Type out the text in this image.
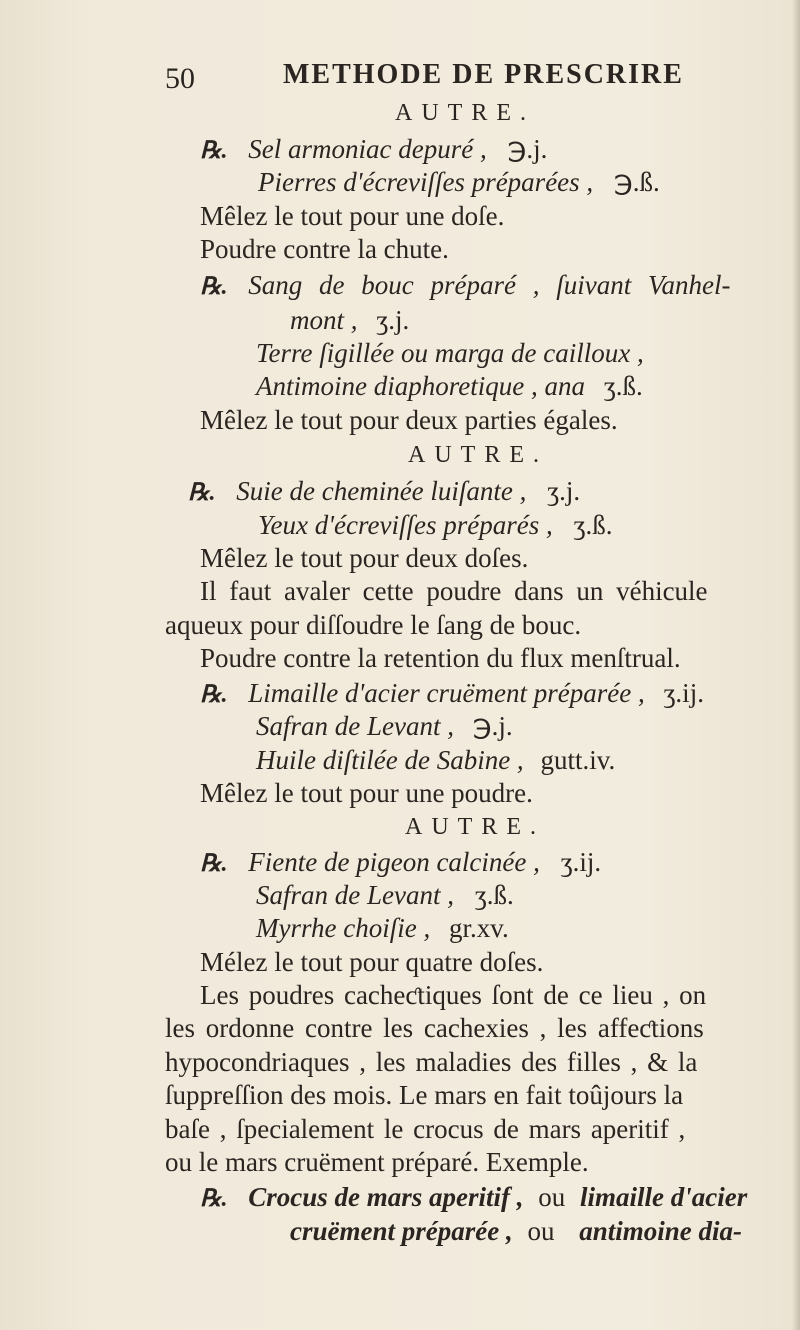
50	METHODE DE PRESCRIRE
AUTRE.
℞. Sel armoniac depuré , ℈.j.
Pierres d'écreviſſes préparées , ℈.ß.
Mêlez le tout pour une doſe.
Poudre contre la chute.
℞. Sang de bouc préparé , ſuivant Vanhel-
mont , ʒ.j.
Terre ſigillée ou marga de cailloux ,
Antimoine diaphoretique , ana ʒ.ß.
Mêlez le tout pour deux parties égales.
AUTRE.
℞. Suie de cheminée luiſante , ʒ.j.
Yeux d'écreviſſes préparés , ʒ.ß.
Mêlez le tout pour deux doſes.
Il faut avaler cette poudre dans un véhicule
aqueux pour diſſoudre le ſang de bouc.
Poudre contre la retention du flux menſtrual.
℞. Limaille d'acier cruëment préparée , ʒ.ij.
Safran de Levant , ℈.j.
Huile diſtilée de Sabine , gutt.iv.
Mêlez le tout pour une poudre.
AUTRE.
℞. Fiente de pigeon calcinée , ʒ.ij.
Safran de Levant , ʒ.ß.
Myrrhe choiſie , gr.xv.
Mélez le tout pour quatre doſes.
Les poudres cacheƈtiques ſont de ce lieu , on
les ordonne contre les cachexies , les affeƈtions
hypocondriaques , les maladies des filles , & la
ſuppreſſion des mois. Le mars en fait toûjours la
baſe , ſpecialement le crocus de mars aperitif ,
ou le mars cruëment préparé. Exemple.
℞. Crocus de mars aperitif , ou limaille d'acier
cruëment préparée , ou antimoine dia-
